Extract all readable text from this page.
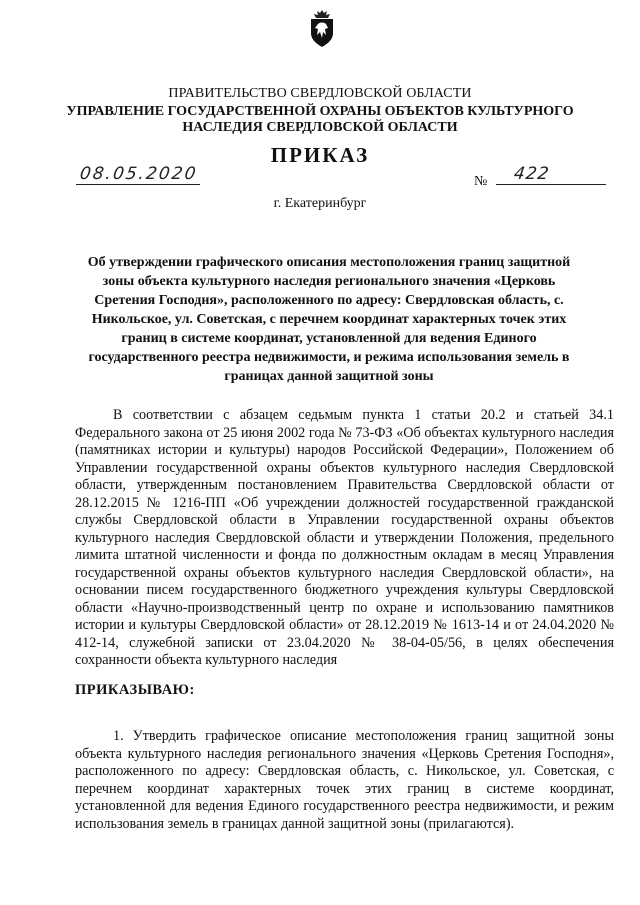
ПРАВИТЕЛЬСТВО СВЕРДЛОВСКОЙ ОБЛАСТИ
УПРАВЛЕНИЕ ГОСУДАРСТВЕННОЙ ОХРАНЫ ОБЪЕКТОВ КУЛЬТУРНОГО НАСЛЕДИЯ СВЕРДЛОВСКОЙ ОБЛАСТИ
ПРИКАЗ
08.05.2020	№ 422
г. Екатеринбург
Об утверждении графического описания местоположения границ защитной зоны объекта культурного наследия регионального значения «Церковь Сретения Господня», расположенного по адресу: Свердловская область, с. Никольское, ул. Советская, с перечнем координат характерных точек этих границ в системе координат, установленной для ведения Единого государственного реестра недвижимости, и режима использования земель в границах данной защитной зоны

В соответствии с абзацем седьмым пункта 1 статьи 20.2 и статьей 34.1 Федерального закона от 25 июня 2002 года № 73-ФЗ «Об объектах культурного наследия (памятниках истории и культуры) народов Российской Федерации», Положением об Управлении государственной охраны объектов культурного наследия Свердловской области, утвержденным постановлением Правительства Свердловской области от 28.12.2015 № 1216-ПП «Об учреждении должностей государственной гражданской службы Свердловской области в Управлении государственной охраны объектов культурного наследия Свердловской области и утверждении Положения, предельного лимита штатной численности и фонда по должностным окладам в месяц Управления государственной охраны объектов культурного наследия Свердловской области», на основании писем государственного бюджетного учреждения культуры Свердловской области «Научно-производственный центр по охране и использованию памятников истории и культуры Свердловской области» от 28.12.2019 № 1613-14 и от 24.04.2020 № 412-14, служебной записки от 23.04.2020 № 38-04-05/56, в целях обеспечения сохранности объекта культурного наследия

ПРИКАЗЫВАЮ:

1. Утвердить графическое описание местоположения границ защитной зоны объекта культурного наследия регионального значения «Церковь Сретения Господня», расположенного по адресу: Свердловская область, с. Никольское, ул. Советская, с перечнем координат характерных точек этих границ в системе координат, установленной для ведения Единого государственного реестра недвижимости, и режим использования земель в границах данной защитной зоны (прилагаются).
